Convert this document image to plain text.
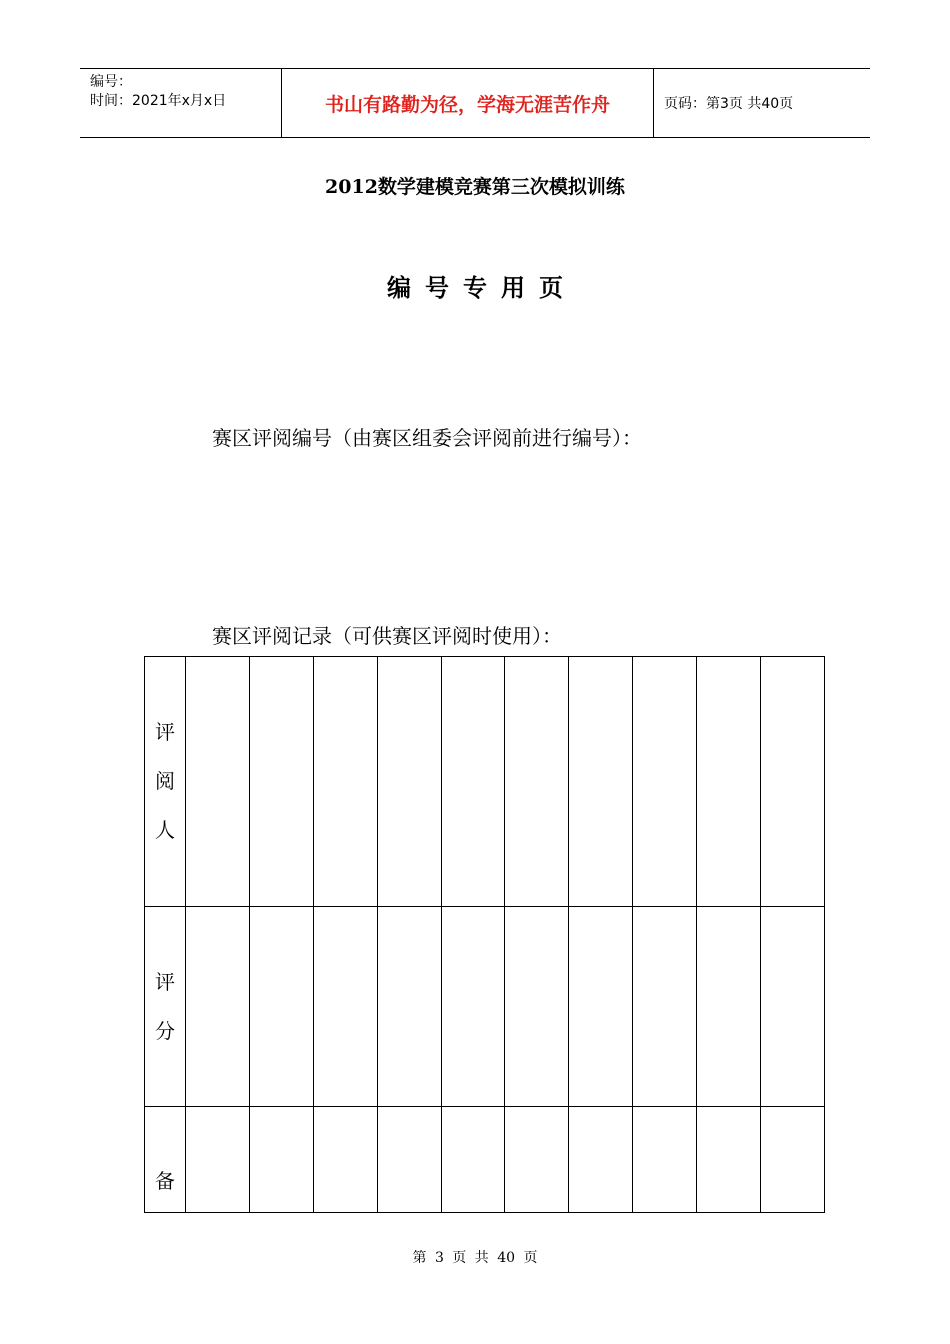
编号：
时间：2021年x月x日	书山有路勤为径，学海无涯苦作舟	页码：第3页 共40页
2012数学建模竞赛第三次模拟训练
编号专用页
赛区评阅编号（由赛区组委会评阅前进行编号）：
赛区评阅记录（可供赛区评阅时使用）：
评阅人										
评分										
备										
第 3 页 共 40 页
